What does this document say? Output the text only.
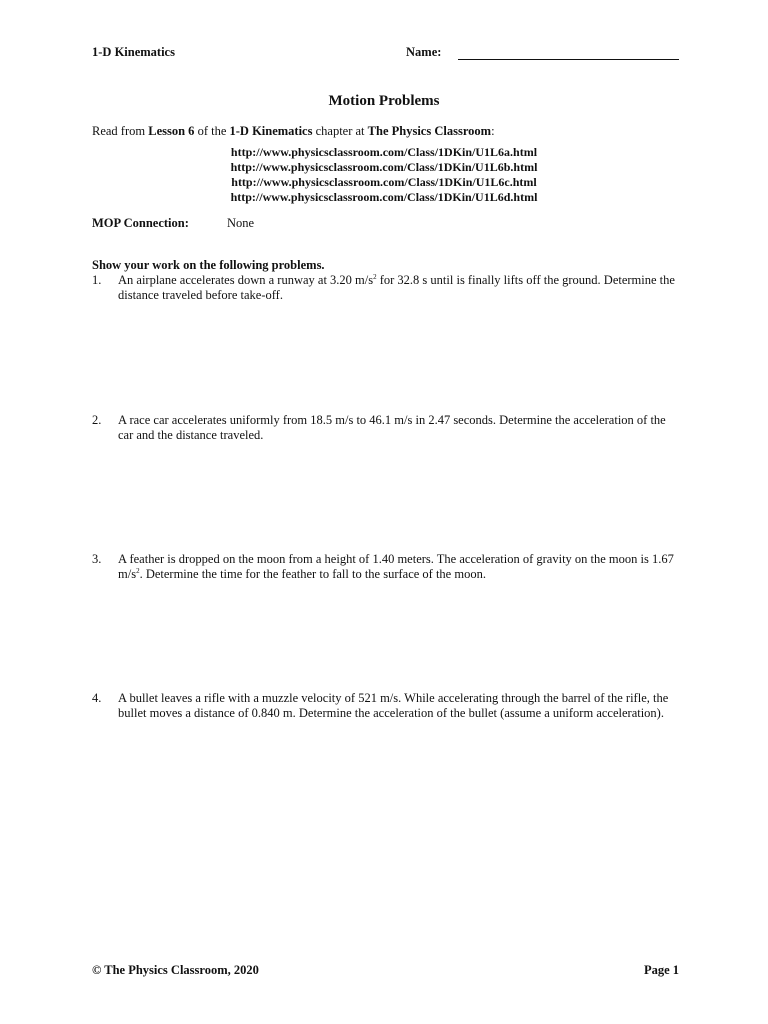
1-D Kinematics	Name:
Motion Problems
Read from Lesson 6 of the 1-D Kinematics chapter at The Physics Classroom:
http://www.physicsclassroom.com/Class/1DKin/U1L6a.html
http://www.physicsclassroom.com/Class/1DKin/U1L6b.html
http://www.physicsclassroom.com/Class/1DKin/U1L6c.html
http://www.physicsclassroom.com/Class/1DKin/U1L6d.html
MOP Connection:	None
Show your work on the following problems.
1.	An airplane accelerates down a runway at 3.20 $m/s^2$ for 32.8 s until is finally lifts off the ground. Determine the distance traveled before take-off.
2.	A race car accelerates uniformly from 18.5 m/s to 46.1 m/s in 2.47 seconds. Determine the acceleration of the car and the distance traveled.
3.	A feather is dropped on the moon from a height of 1.40 meters. The acceleration of gravity on the moon is 1.67 $m/s^2$. Determine the time for the feather to fall to the surface of the moon.
4.	A bullet leaves a rifle with a muzzle velocity of 521 m/s. While accelerating through the barrel of the rifle, the bullet moves a distance of 0.840 m. Determine the acceleration of the bullet (assume a uniform acceleration).
© The Physics Classroom, 2020	Page 1
